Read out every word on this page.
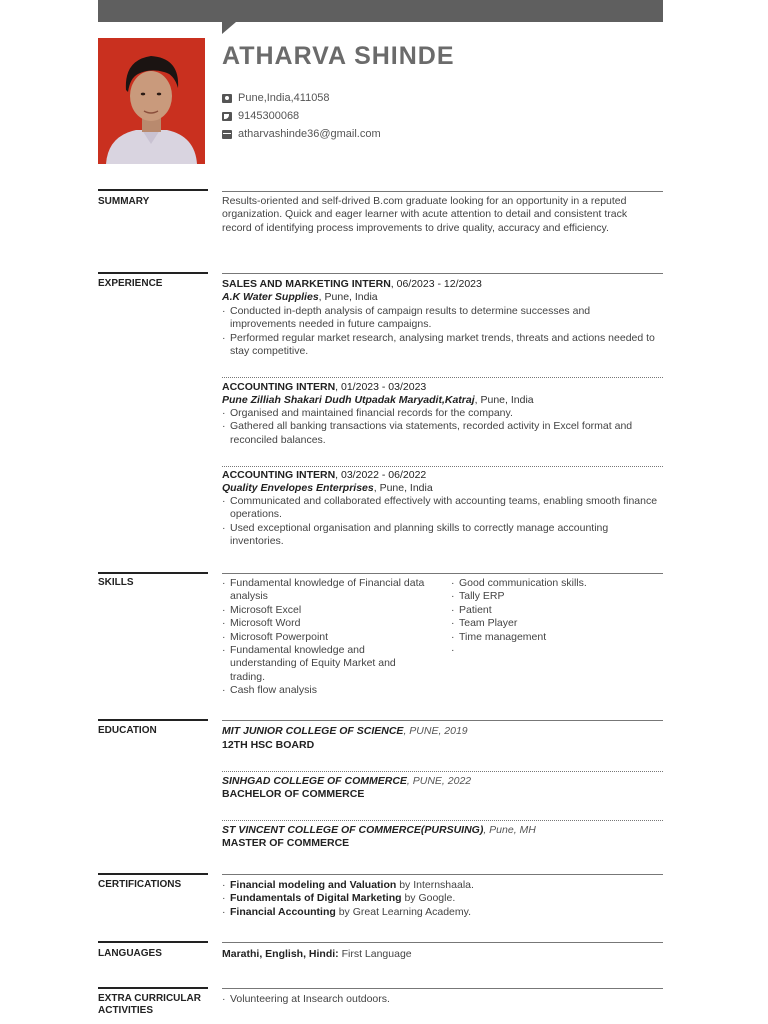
ATHARVA SHINDE
Pune,India,411058
9145300068
atharvashinde36@gmail.com
SUMMARY	Results-oriented and self-drived B.com graduate looking for an opportunity in a reputed organization. Quick and eager learner with acute attention to detail and consistent track record of identifying process improvements to drive quality, accuracy and efficiency.
EXPERIENCE	SALES AND MARKETING INTERN, 06/2023 - 12/2023
A.K Water Supplies, Pune, India
· Conducted in-depth analysis of campaign results to determine successes and improvements needed in future campaigns.
· Performed regular market research, analysing market trends, threats and actions needed to stay competitive.
ACCOUNTING INTERN, 01/2023 - 03/2023
Pune Zilliah Shakari Dudh Utpadak Maryadit,Katraj, Pune, India
· Organised and maintained financial records for the company.
· Gathered all banking transactions via statements, recorded activity in Excel format and reconciled balances.
ACCOUNTING INTERN, 03/2022 - 06/2022
Quality Envelopes Enterprises, Pune, India
· Communicated and collaborated effectively with accounting teams, enabling smooth finance operations.
· Used exceptional organisation and planning skills to correctly manage accounting inventories.
SKILLS	· Fundamental knowledge of Financial data analysis
· Microsoft Excel
· Microsoft Word
· Microsoft Powerpoint
· Fundamental knowledge and understanding of Equity Market and trading.
· Cash flow analysis
· Good communication skills.
· Tally ERP
· Patient
· Team Player
· Time management
EDUCATION	MIT JUNIOR COLLEGE OF SCIENCE, PUNE, 2019
12TH HSC BOARD
SINHGAD COLLEGE OF COMMERCE, PUNE, 2022
BACHELOR OF COMMERCE
ST VINCENT COLLEGE OF COMMERCE(PURSUING), Pune, MH
MASTER OF COMMERCE
CERTIFICATIONS	· Financial modeling and Valuation by Internshaala.
· Fundamentals of Digital Marketing by Google.
· Financial Accounting by Great Learning Academy.
LANGUAGES	Marathi, English, Hindi: First Language
EXTRA CURRICULAR
ACTIVITIES
· Volunteering at Insearch outdoors.
